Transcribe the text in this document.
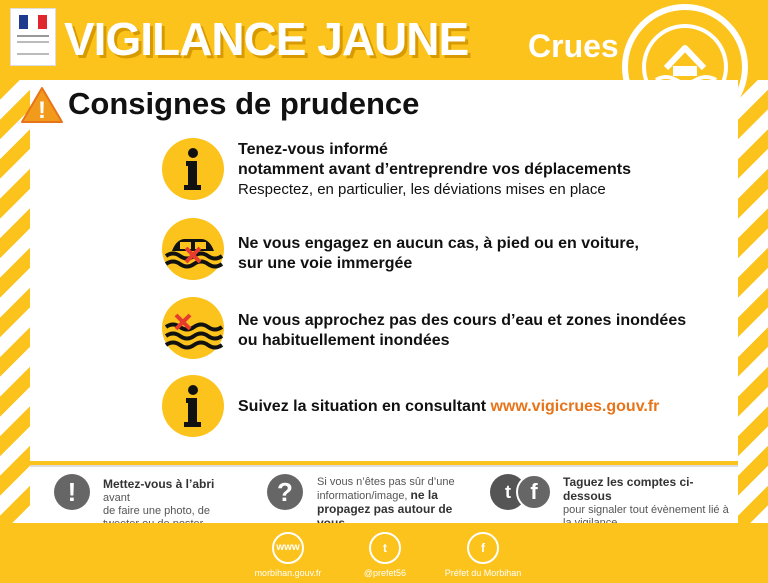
VIGILANCE JAUNE Crues
! Consignes de prudence
Tenez-vous informé
notamment avant d’entreprendre vos déplacements
Respectez, en particulier, les déviations mises en place
Ne vous engagez en aucun cas, à pied ou en voiture,
sur une voie immergée
Ne vous approchez pas des cours d’eau et zones inondées
ou habituellement inondées
Suivez la situation en consultant www.vigicrues.gouv.fr
!	Mettez-vous à l’abri avant
de faire une photo, de

?	Si vous n’êtes pas sûr d’une
information/image, ne la
propagez pas autour de
t f	Taguez les comptes ci-dessous
pour signaler tout évènement lié à

www
morbihan.gouv.fr
t
@prefet56
f
Préfet du Morbihan
